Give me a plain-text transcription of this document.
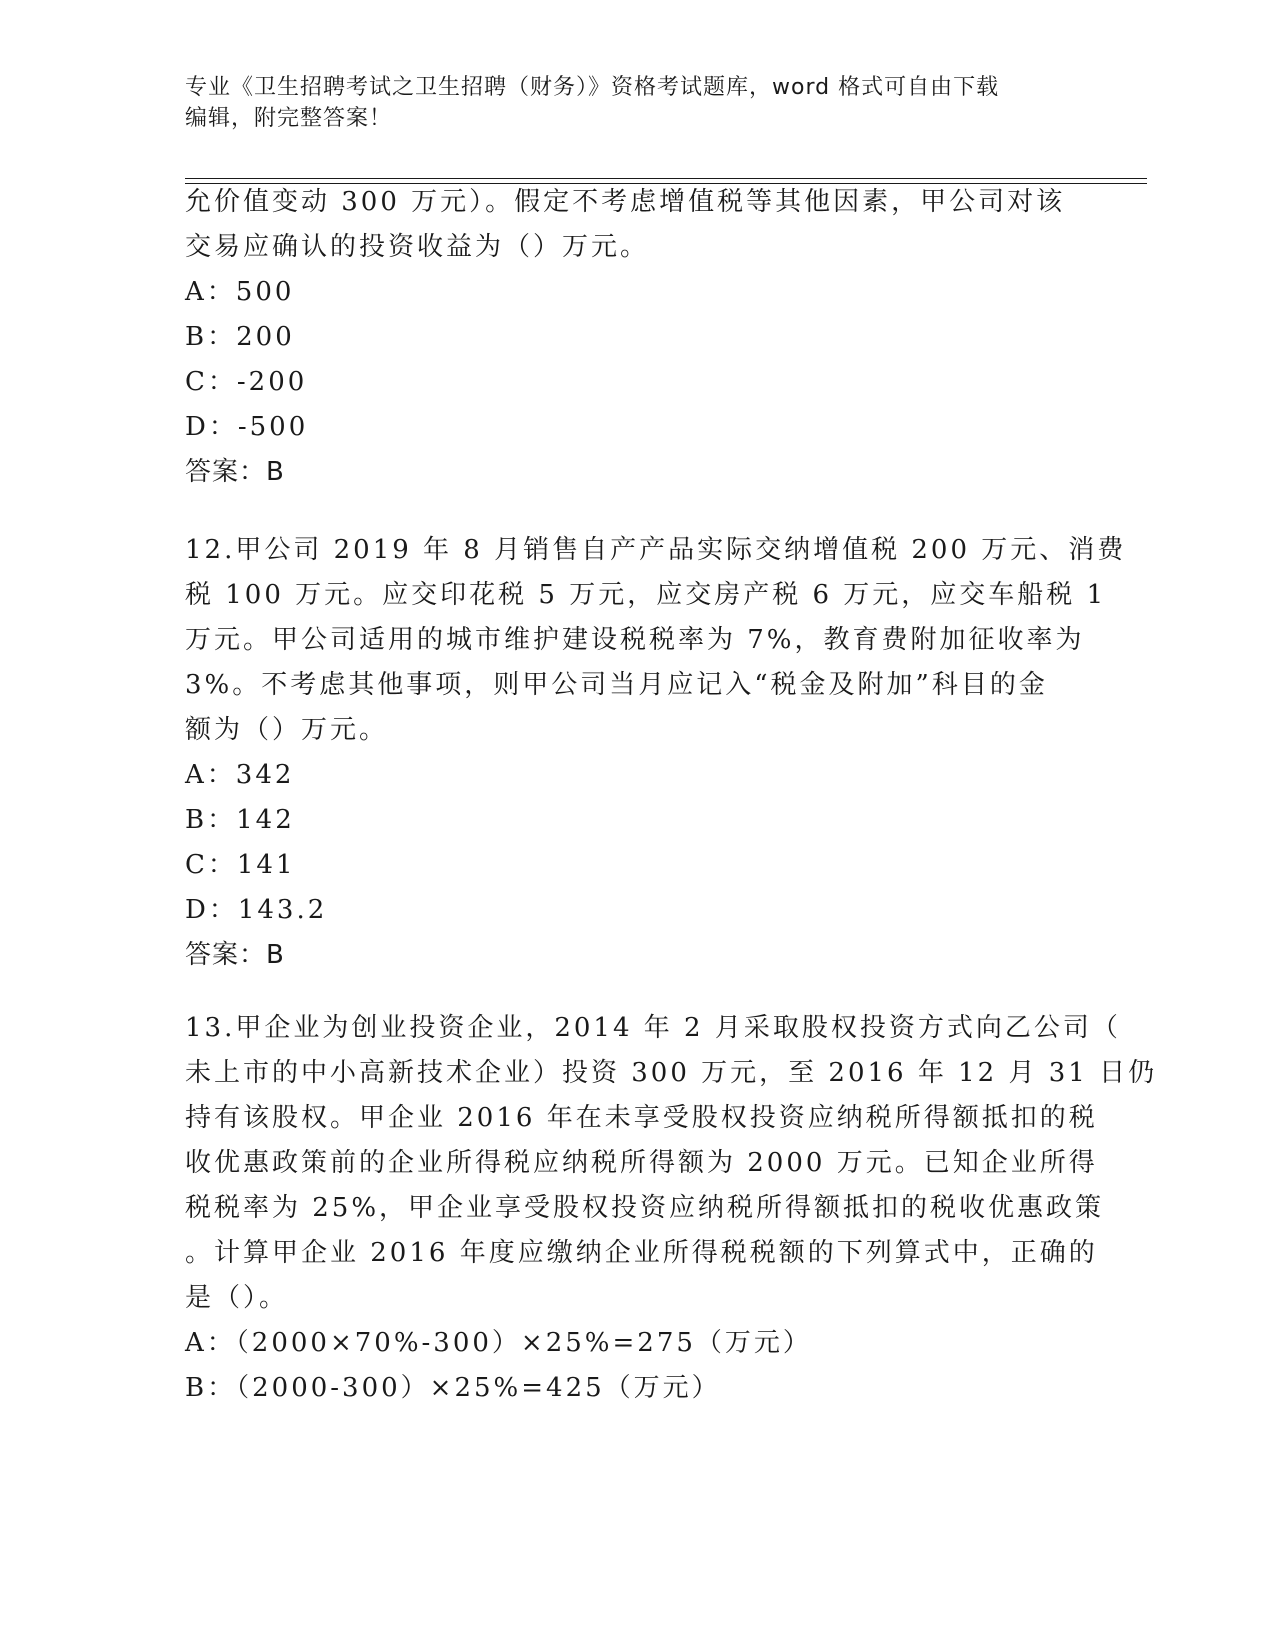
专业《卫生招聘考试之卫生招聘（财务）》资格考试题库，word 格式可自由下载
编辑，附完整答案！
允价值变动 300 万元）。假定不考虑增值税等其他因素，甲公司对该
交易应确认的投资收益为（）万元。
A：500
B：200
C：-200
D：-500
答案：B
12.甲公司 2019 年 8 月销售自产产品实际交纳增值税 200 万元、消费
税 100 万元。应交印花税 5 万元，应交房产税 6 万元，应交车船税 1
万元。甲公司适用的城市维护建设税税率为 7%，教育费附加征收率为
3%。不考虑其他事项，则甲公司当月应记入“税金及附加”科目的金
额为（）万元。
A：342
B：142
C：141
D：143.2
答案：B
13.甲企业为创业投资企业，2014 年 2 月采取股权投资方式向乙公司（
未上市的中小高新技术企业）投资 300 万元，至 2016 年 12 月 31 日仍
持有该股权。甲企业 2016 年在未享受股权投资应纳税所得额抵扣的税
收优惠政策前的企业所得税应纳税所得额为 2000 万元。已知企业所得
税税率为 25%，甲企业享受股权投资应纳税所得额抵扣的税收优惠政策
。计算甲企业 2016 年度应缴纳企业所得税税额的下列算式中，正确的
是（）。
A：（2000×70%-300）×25%=275（万元）
B：（2000-300）×25%=425（万元）
